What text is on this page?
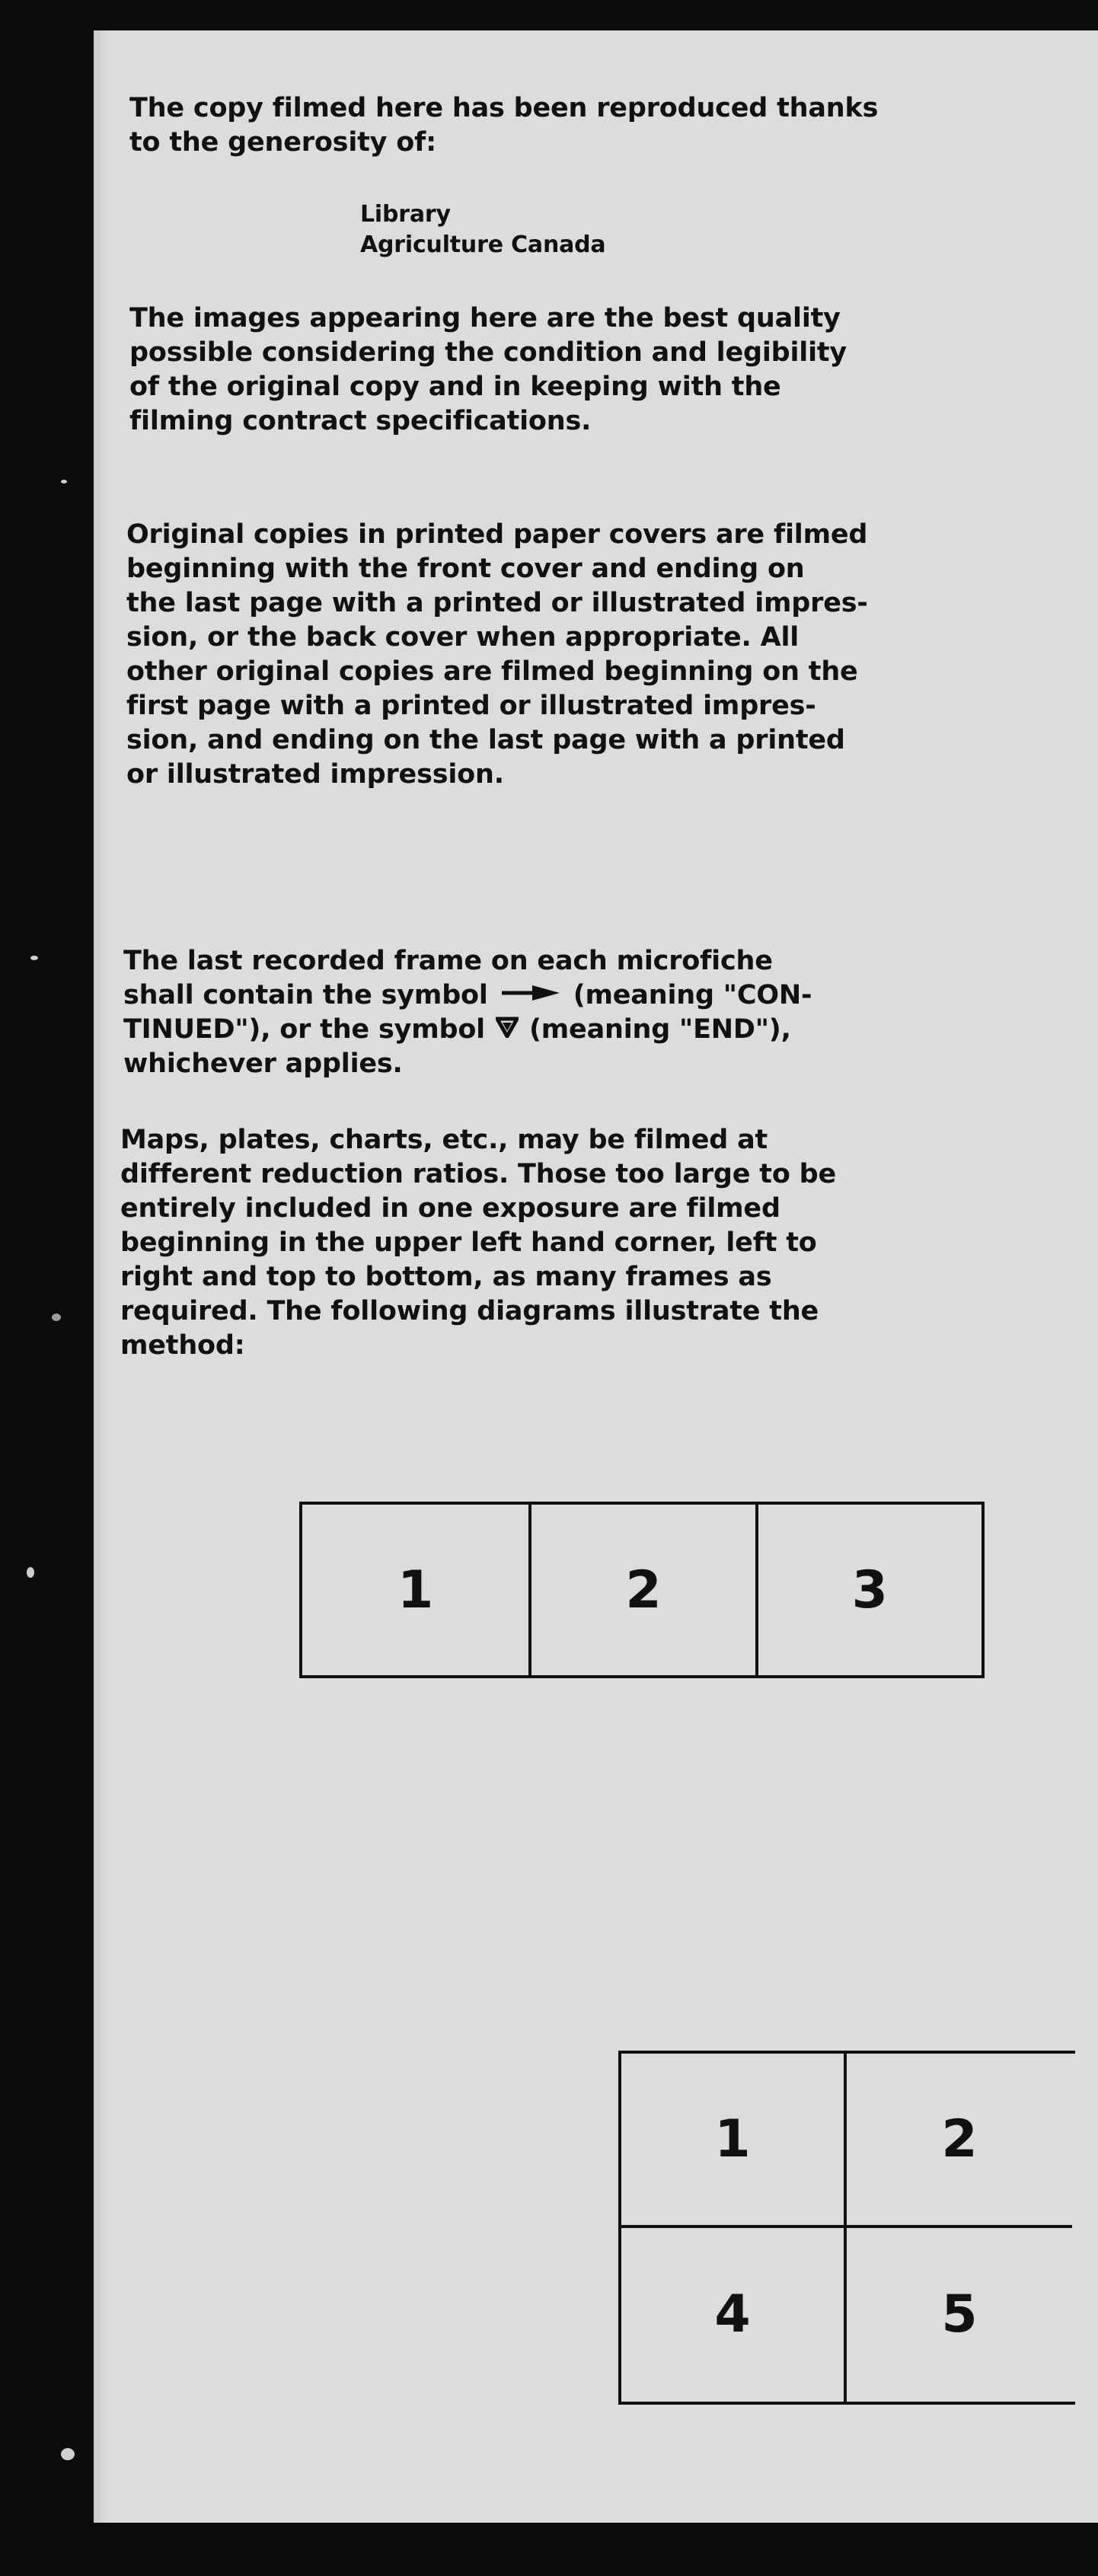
The copy filmed here has been reproduced thanks
to the generosity of:

Library
Agriculture Canada

The images appearing here are the best quality
possible considering the condition and legibility
of the original copy and in keeping with the
filming contract specifications.

Original copies in printed paper covers are filmed
beginning with the front cover and ending on
the last page with a printed or illustrated impres-
sion, or the back cover when appropriate. All
other original copies are filmed beginning on the
first page with a printed or illustrated impres-
sion, and ending on the last page with a printed
or illustrated impression.

The last recorded frame on each microfiche
shall contain the symbol	(meaning "CON-
TINUED"), or the symbol (meaning "END"),
whichever applies.

Maps, plates, charts, etc., may be filmed at
different reduction ratios. Those too large to be
entirely included in one exposure are filmed
beginning in the upper left hand corner, left to
right and top to bottom, as many frames as
required. The following diagrams illustrate the
method:

1	2	3
1	2
4	5
